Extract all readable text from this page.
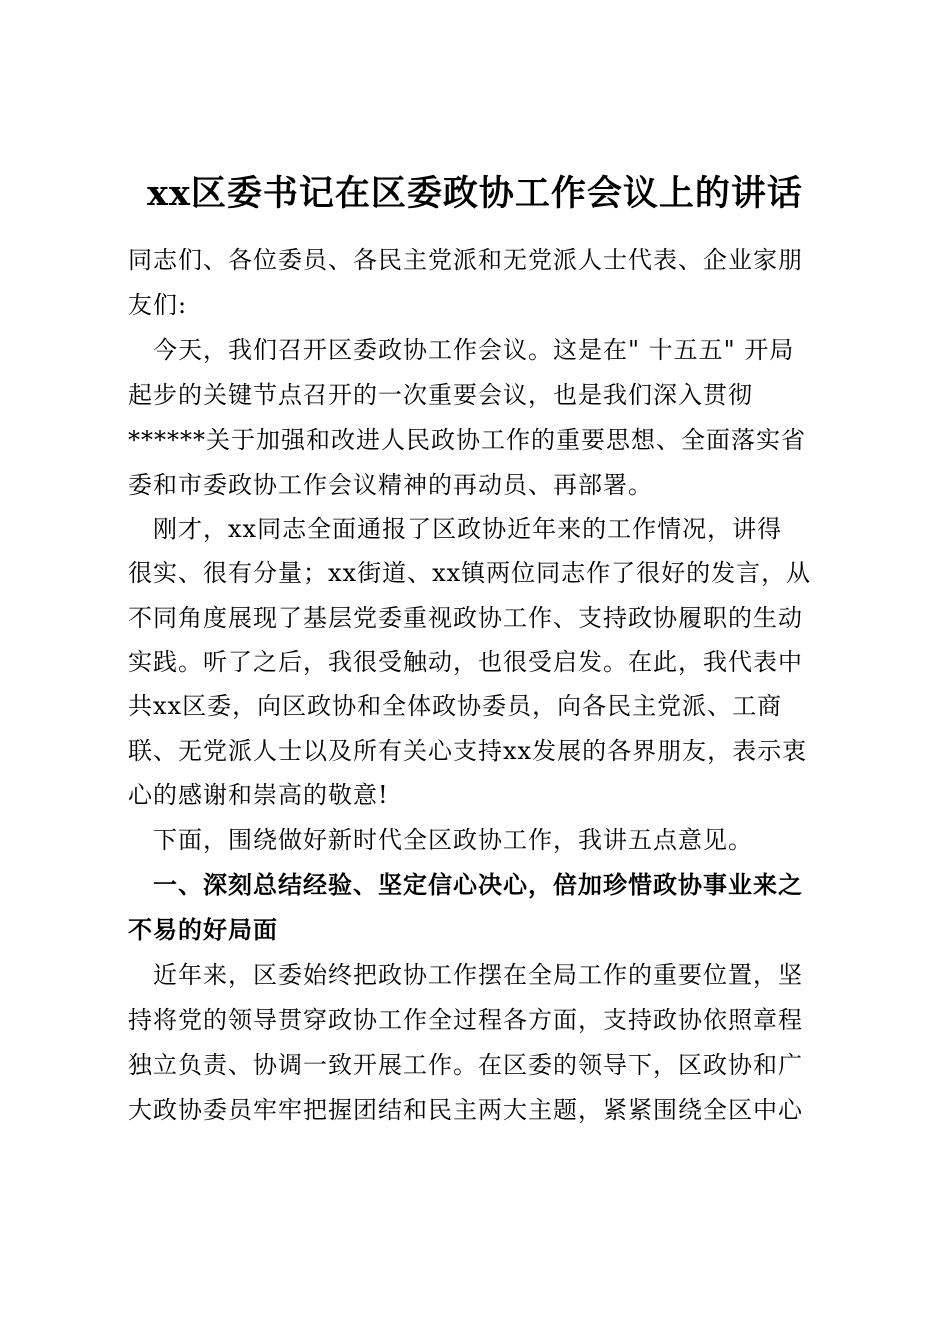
xx区委书记在区委政协工作会议上的讲话
同志们、各位委员、各民主党派和无党派人士代表、企业家朋
友们:
　今天，我们召开区委政协工作会议。这是在" 十五五" 开局
起步的关键节点召开的一次重要会议，也是我们深入贯彻
******关于加强和改进人民政协工作的重要思想、全面落实省
委和市委政协工作会议精神的再动员、再部署。
　刚才，xx同志全面通报了区政协近年来的工作情况，讲得
很实、很有分量；xx街道、xx镇两位同志作了很好的发言，从
不同角度展现了基层党委重视政协工作、支持政协履职的生动
实践。听了之后，我很受触动，也很受启发。在此，我代表中
共xx区委，向区政协和全体政协委员，向各民主党派、工商
联、无党派人士以及所有关心支持xx发展的各界朋友，表示衷
心的感谢和崇高的敬意!
　下面，围绕做好新时代全区政协工作，我讲五点意见。
　一、深刻总结经验、坚定信心决心，倍加珍惜政协事业来之
不易的好局面
　近年来，区委始终把政协工作摆在全局工作的重要位置，坚
持将党的领导贯穿政协工作全过程各方面，支持政协依照章程
独立负责、协调一致开展工作。在区委的领导下，区政协和广
大政协委员牢牢把握团结和民主两大主题，紧紧围绕全区中心
